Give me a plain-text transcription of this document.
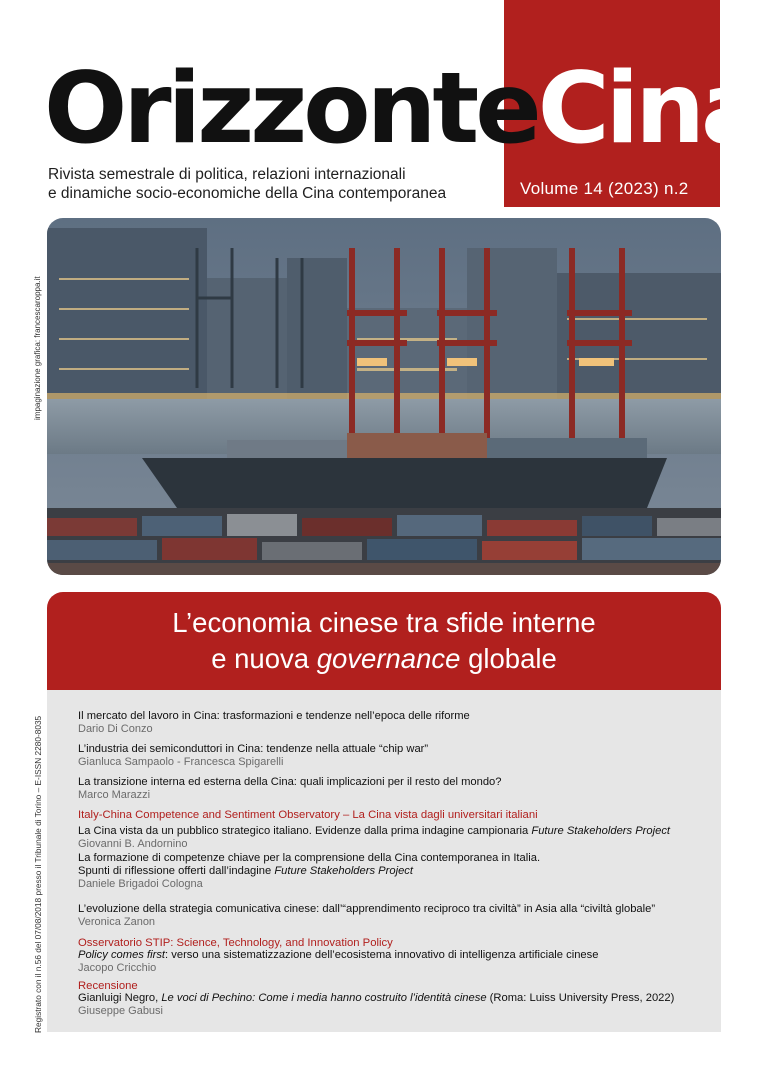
OrizzonteCina
Rivista semestrale di politica, relazioni internazionali
e dinamiche socio-economiche della Cina contemporanea	Volume 14 (2023) n.2
impaginazione grafica: francescaroppa.it
Registrato con il n.56 del 07/08/2018 presso il Tribunale di Torino – E-ISSN 2280-8035
L’economia cinese tra sfide interne
e nuova governance globale
Il mercato del lavoro in Cina: trasformazioni e tendenze nell’epoca delle riforme
Dario Di Conzo
L’industria dei semiconduttori in Cina: tendenze nella attuale “chip war”
Gianluca Sampaolo - Francesca Spigarelli
La transizione interna ed esterna della Cina: quali implicazioni per il resto del mondo?
Marco Marazzi
Italy-China Competence and Sentiment Observatory – La Cina vista dagli universitari italiani
La Cina vista da un pubblico strategico italiano. Evidenze dalla prima indagine campionaria Future Stakeholders Project
Giovanni B. Andornino
La formazione di competenze chiave per la comprensione della Cina contemporanea in Italia.
Spunti di riflessione offerti dall’indagine Future Stakeholders Project
Daniele Brigadoi Cologna
L’evoluzione della strategia comunicativa cinese: dall’“apprendimento reciproco tra civiltà” in Asia alla “civiltà globale”
Veronica Zanon
Osservatorio STIP: Science, Technology, and Innovation Policy
Policy comes first: verso una sistematizzazione dell’ecosistema innovativo di intelligenza artificiale cinese
Jacopo Cricchio
Recensione
Gianluigi Negro, Le voci di Pechino: Come i media hanno costruito l’identità cinese (Roma: Luiss University Press, 2022)
Giuseppe Gabusi
